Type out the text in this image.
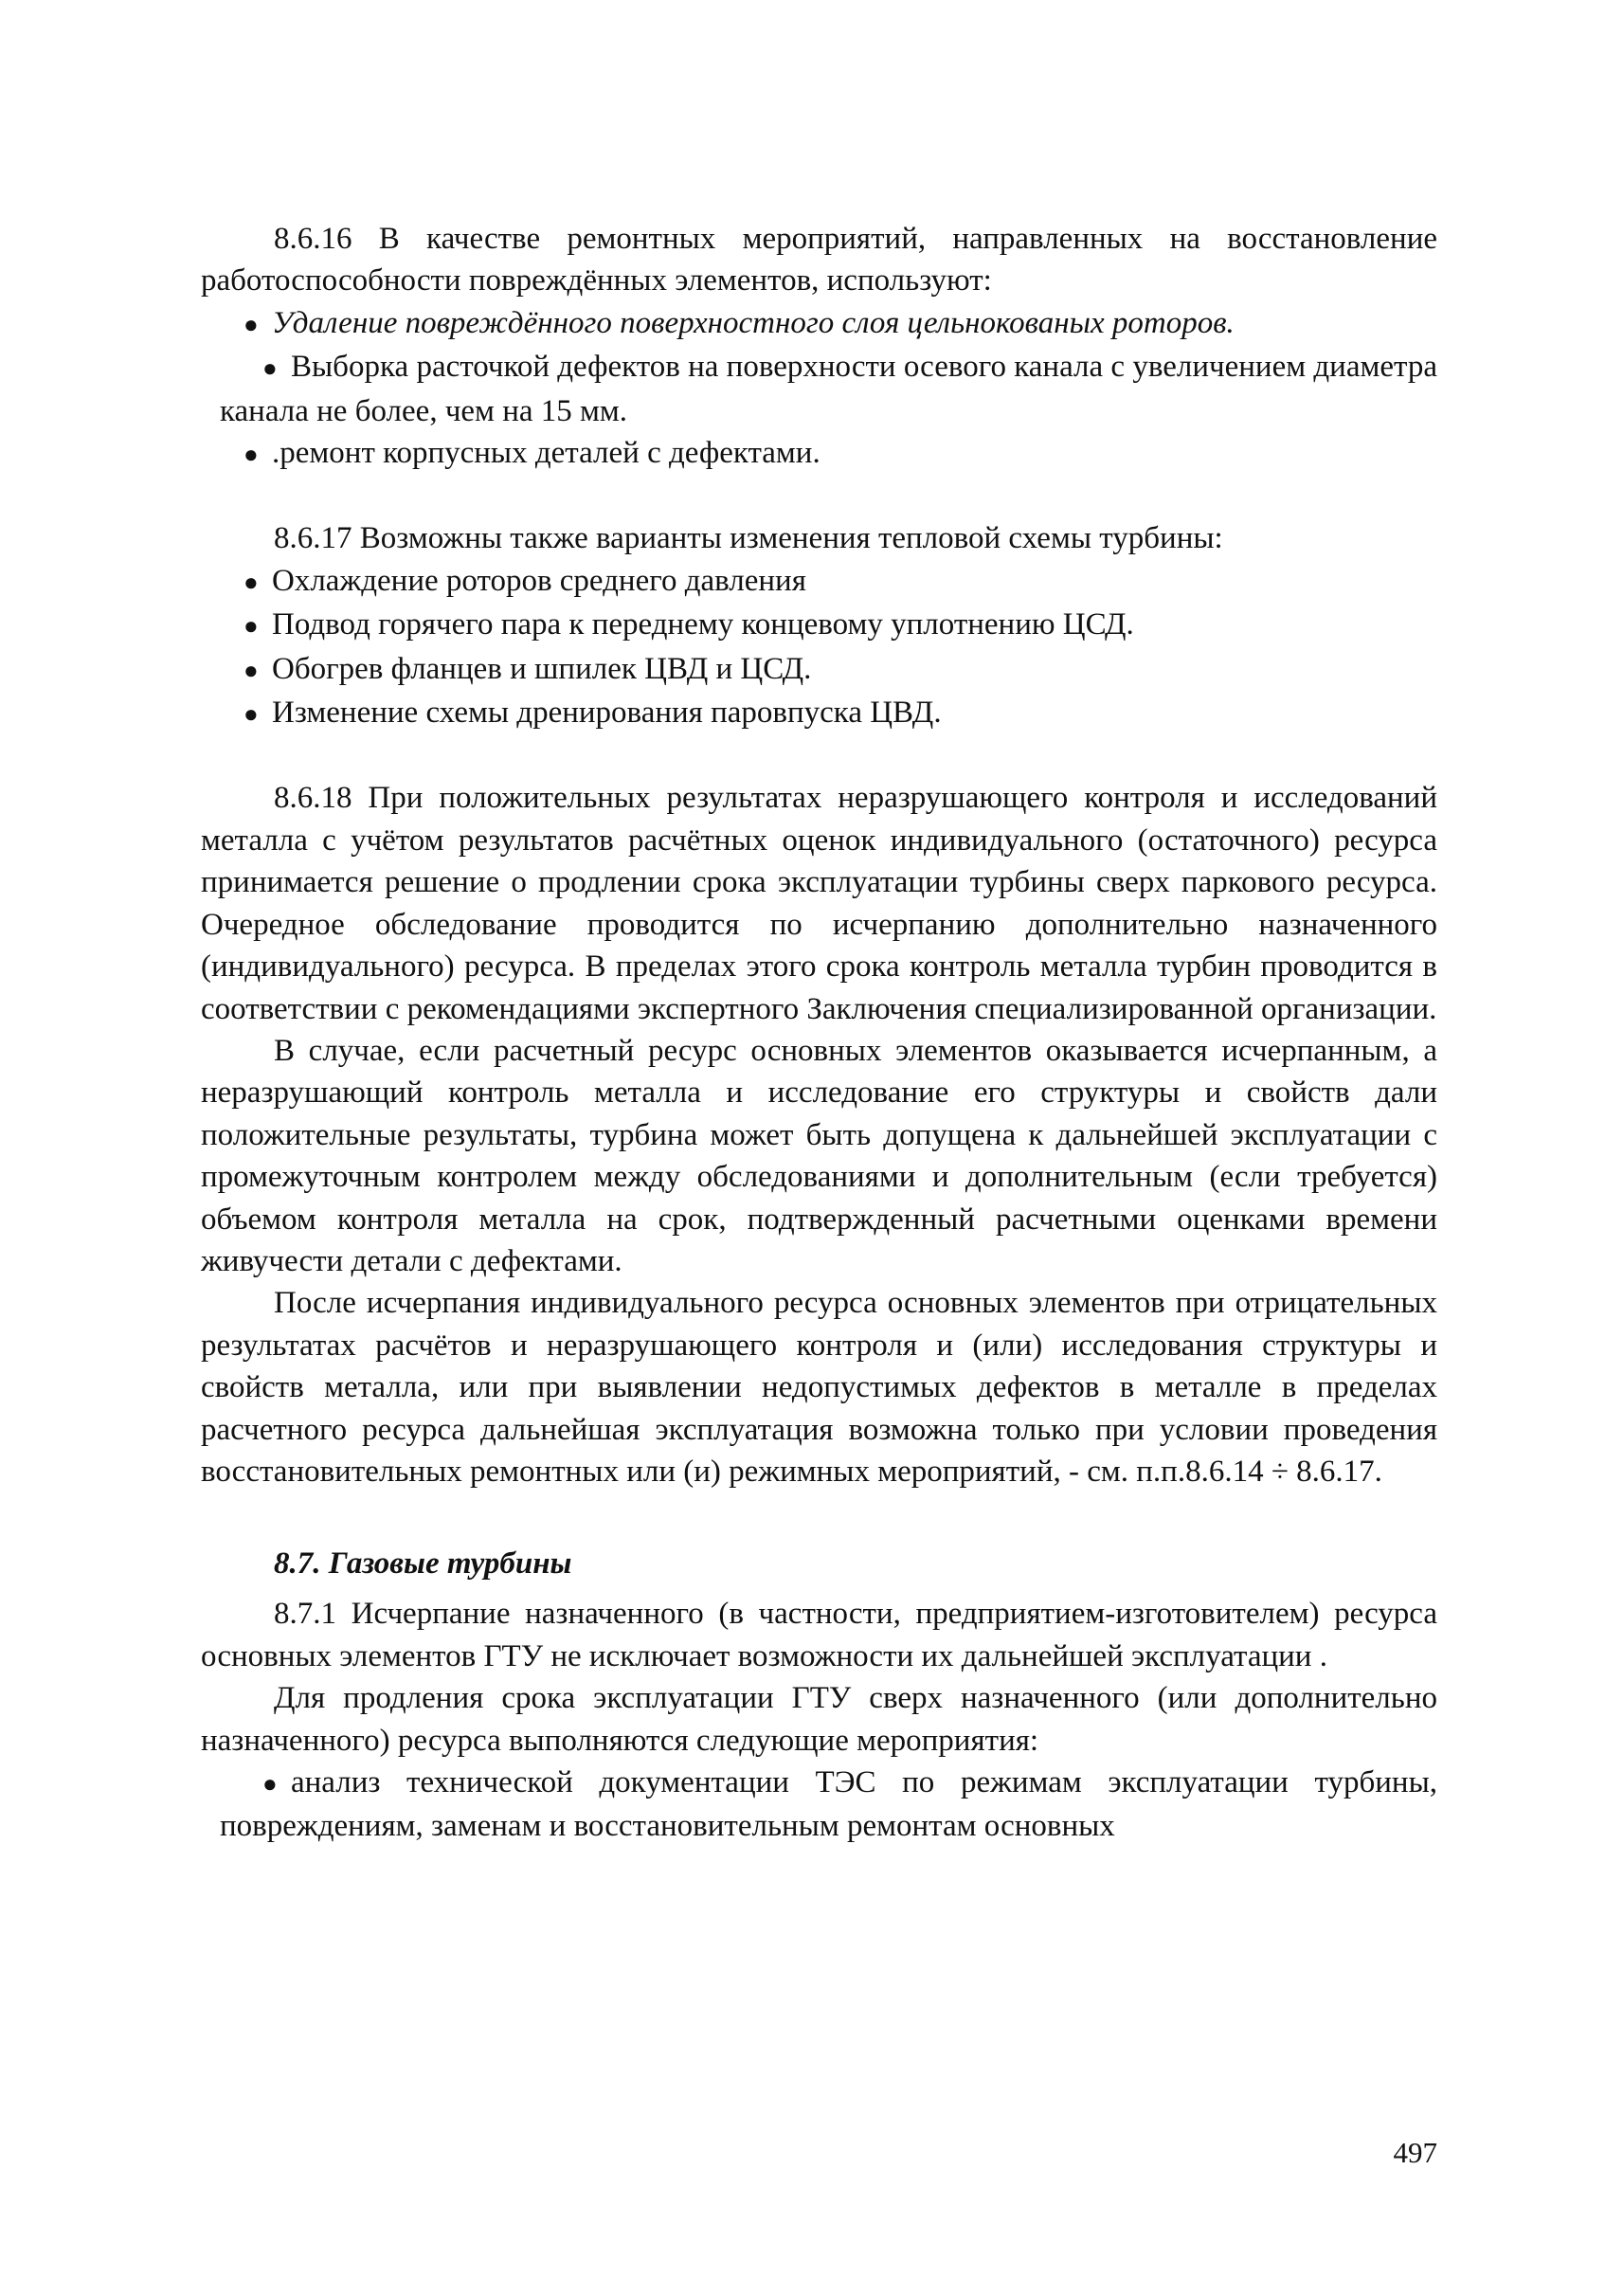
8.6.16 В качестве ремонтных мероприятий, направленных на восстановление работоспособности повреждённых элементов, используют:

● Удаление повреждённого поверхностного слоя цельнокованых роторов.

● Выборка расточкой дефектов на поверхности осевого канала с увеличением диаметра канала не более, чем на 15 мм.

● .ремонт корпусных деталей с дефектами.

8.6.17 Возможны также варианты изменения тепловой схемы турбины:

● Охлаждение роторов среднего давления

● Подвод горячего пара к переднему концевому уплотнению ЦСД.

● Обогрев фланцев и шпилек ЦВД и ЦСД.

● Изменение схемы дренирования паровпуска ЦВД.

8.6.18 При положительных результатах неразрушающего контроля и исследований металла с учётом результатов расчётных оценок индивидуального (остаточного) ресурса принимается решение о продлении срока эксплуатации турбины сверх паркового ресурса. Очередное обследование проводится по исчерпанию дополнительно назначенного (индивидуального) ресурса. В пределах этого срока контроль металла турбин проводится в соответствии с рекомендациями экспертного Заключения специализированной организации.

В случае, если расчетный ресурс основных элементов оказывается исчерпанным, а неразрушающий контроль металла и исследование его структуры и свойств дали положительные результаты, турбина может быть допущена к дальнейшей эксплуатации с промежуточным контролем между обследованиями и дополнительным (если требуется) объемом контроля металла на срок, подтвержденный расчетными оценками времени живучести детали с дефектами.

После исчерпания индивидуального ресурса основных элементов при отрицательных результатах расчётов и неразрушающего контроля и (или) исследования структуры и свойств металла, или при выявлении недопустимых дефектов в металле в пределах расчетного ресурса дальнейшая эксплуатация возможна только при условии проведения восстановительных ремонтных или (и) режимных мероприятий, - см. п.п.8.6.14 ÷ 8.6.17.

8.7. Газовые турбины

8.7.1 Исчерпание назначенного (в частности, предприятием-изготовителем) ресурса основных элементов ГТУ не исключает возможности их дальнейшей эксплуатации .

Для продления срока эксплуатации ГТУ сверх назначенного (или дополнительно назначенного) ресурса выполняются следующие мероприятия:

● анализ технической документации ТЭС по режимам эксплуатации турбины, повреждениям, заменам и восстановительным ремонтам основных

497
